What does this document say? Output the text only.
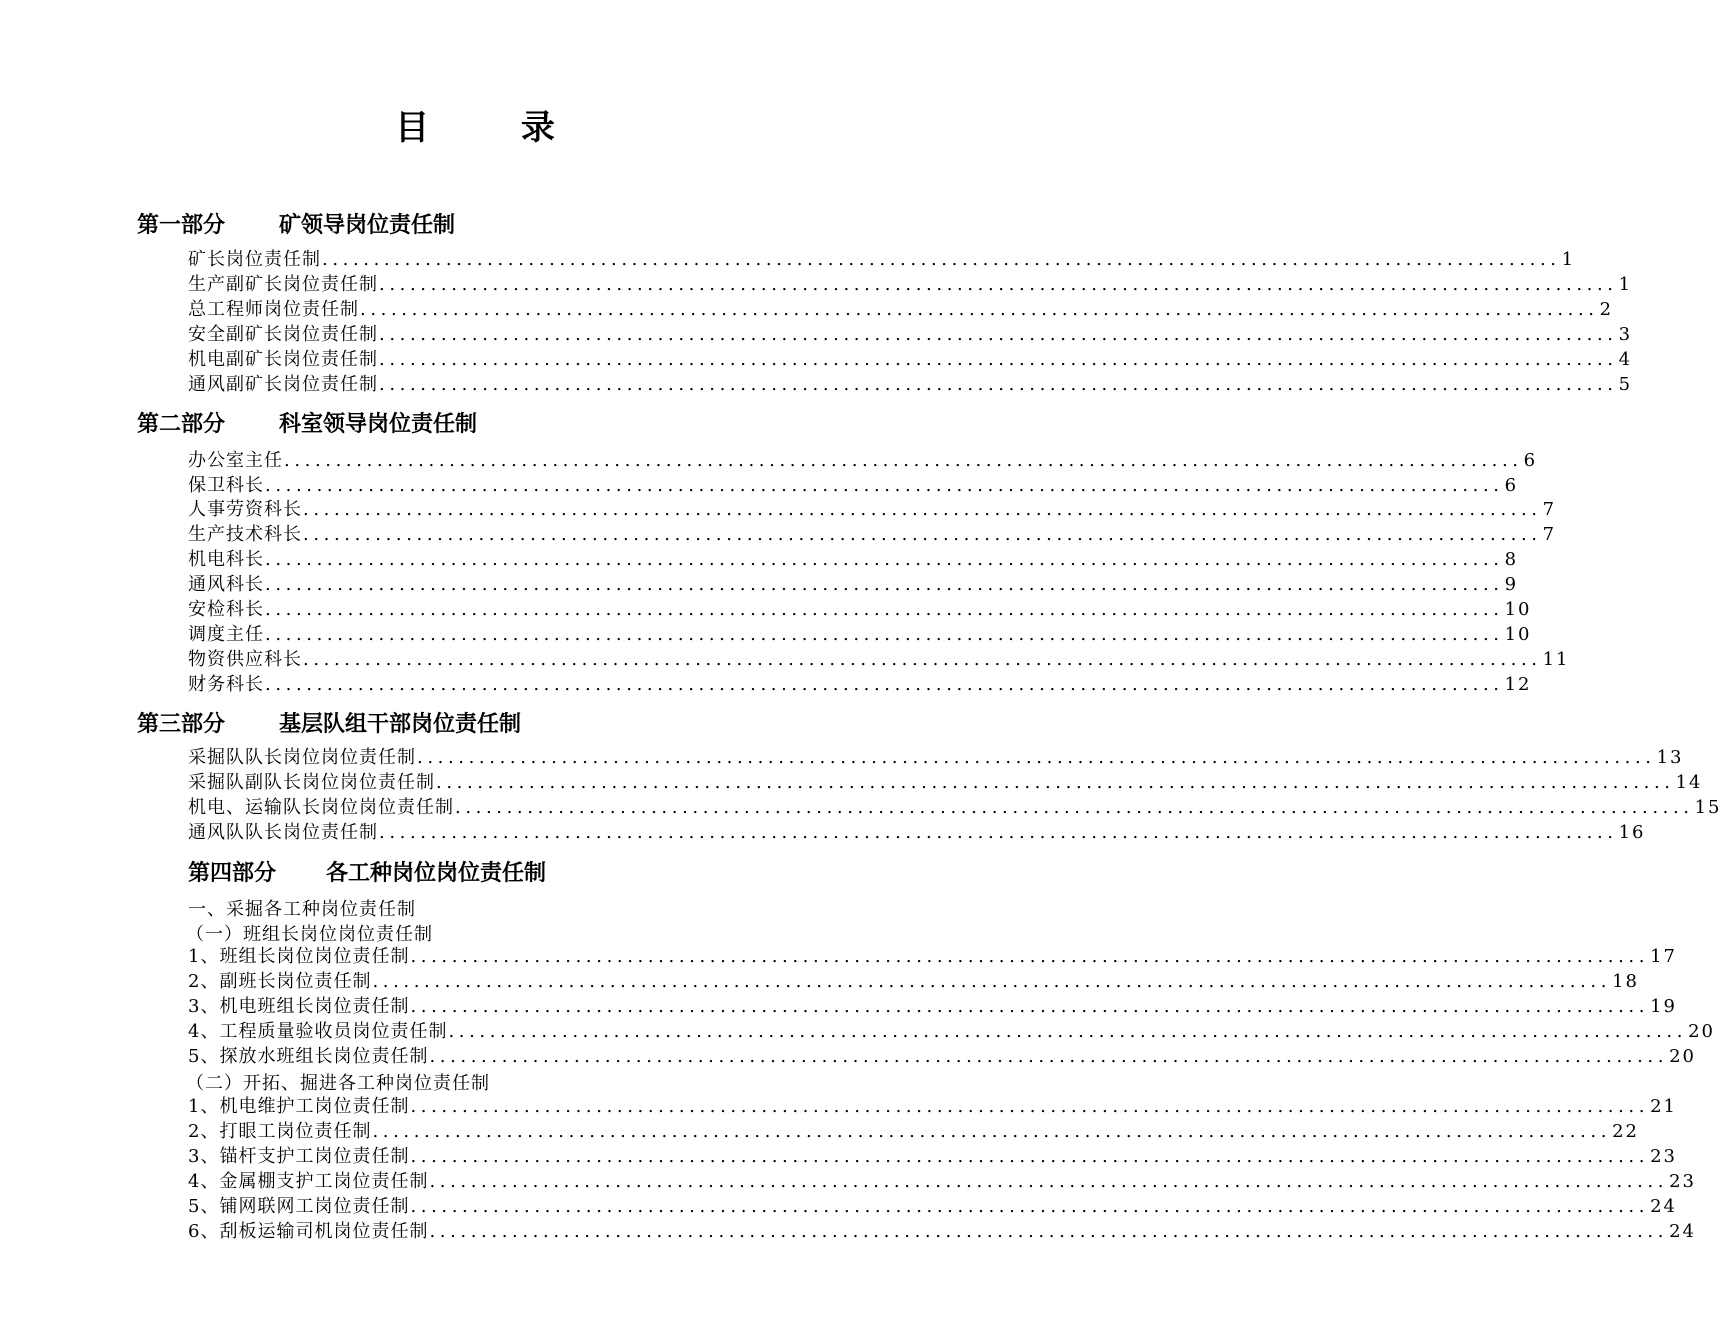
目 录
第一部分 矿领导岗位责任制
矿长岗位责任制 ........................................................................................................................ 1
生产副矿长岗位责任制 ........................................................................................................................ 1
总工程师岗位责任制 ........................................................................................................................ 2
安全副矿长岗位责任制 ........................................................................................................................ 3
机电副矿长岗位责任制 ........................................................................................................................ 4
通风副矿长岗位责任制 ........................................................................................................................ 5
第二部分 科室领导岗位责任制
办公室主任 ........................................................................................................................ 6
保卫科长 ........................................................................................................................ 6
人事劳资科长 ........................................................................................................................ 7
生产技术科长 ........................................................................................................................ 7
机电科长 ........................................................................................................................ 8
通风科长 ........................................................................................................................ 9
安检科长 ........................................................................................................................ 10
调度主任 ........................................................................................................................ 10
物资供应科长 ........................................................................................................................ 11
财务科长 ........................................................................................................................ 12
第三部分 基层队组干部岗位责任制
采掘队队长岗位岗位责任制 ........................................................................................................................ 13
采掘队副队长岗位岗位责任制 ........................................................................................................................ 14
机电、运输队长岗位岗位责任制 ........................................................................................................................ 15
通风队队长岗位责任制 ........................................................................................................................ 16
第四部分 各工种岗位岗位责任制
一、采掘各工种岗位责任制
（一）班组长岗位岗位责任制
1、班组长岗位岗位责任制 ........................................................................................................................ 17
2、副班长岗位责任制 ........................................................................................................................ 18
3、机电班组长岗位责任制 ........................................................................................................................ 19
4、工程质量验收员岗位责任制 ........................................................................................................................ 20
5、探放水班组长岗位责任制 ........................................................................................................................ 20
（二）开拓、掘进各工种岗位责任制
1、机电维护工岗位责任制 ........................................................................................................................ 21
2、打眼工岗位责任制 ........................................................................................................................ 22
3、锚杆支护工岗位责任制 ........................................................................................................................ 23
4、金属棚支护工岗位责任制 ........................................................................................................................ 23
5、铺网联网工岗位责任制 ........................................................................................................................ 24
6、刮板运输司机岗位责任制 ........................................................................................................................ 24
